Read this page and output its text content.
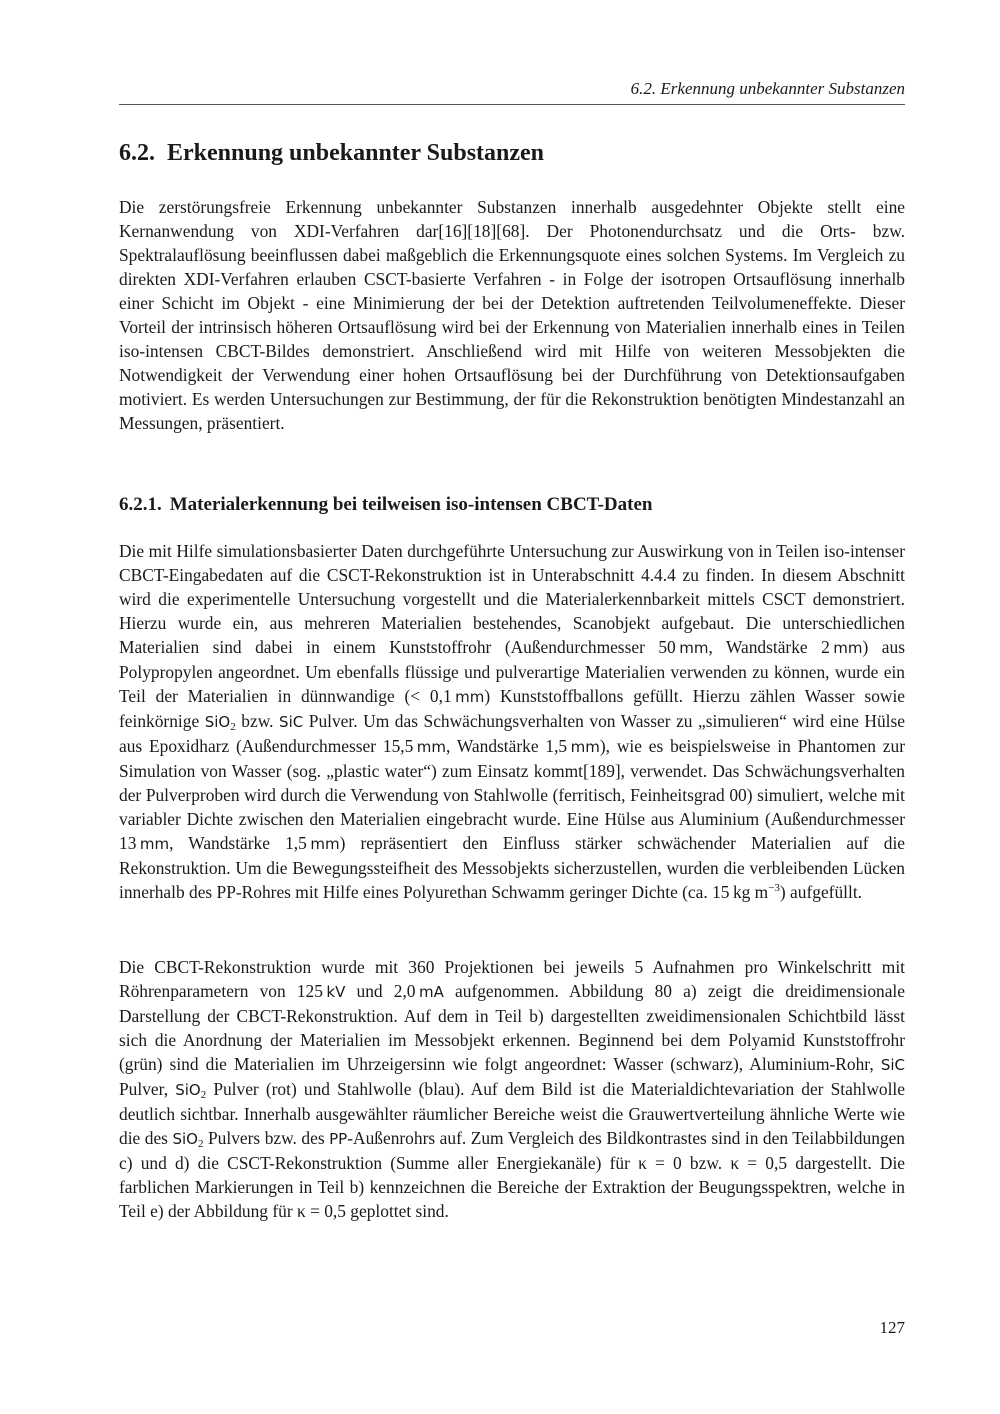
6.2. Erkennung unbekannter Substanzen
6.2. Erkennung unbekannter Substanzen

Die zerstörungsfreie Erkennung unbekannter Substanzen innerhalb ausgedehnter Objekte stellt eine Kernanwendung von XDI-Verfahren dar[16][18][68]. Der Photonendurchsatz und die Orts- bzw. Spektralauflösung beeinflussen dabei maßgeblich die Erkennungsquote eines solchen Systems. Im Vergleich zu direkten XDI-Verfahren erlauben CSCT-basierte Verfahren - in Folge der isotropen Ortsauflösung innerhalb einer Schicht im Objekt - eine Minimierung der bei der Detektion auftretenden Teilvolumeneffekte. Dieser Vorteil der intrinsisch höheren Ortsauflösung wird bei der Erkennung von Materialien innerhalb eines in Teilen iso-intensen CBCT-Bildes demonstriert. Anschließend wird mit Hilfe von weiteren Messobjekten die Notwendigkeit der Verwendung einer hohen Ortsauflösung bei der Durchführung von Detektionsaufgaben motiviert. Es werden Untersuchungen zur Bestimmung, der für die Rekonstruktion benötigten Mindestanzahl an Messungen, präsentiert.

6.2.1. Materialerkennung bei teilweisen iso-intensen CBCT-Daten

Die mit Hilfe simulationsbasierter Daten durchgeführte Untersuchung zur Auswirkung von in Teilen iso-intenser CBCT-Eingabedaten auf die CSCT-Rekonstruktion ist in Unterabschnitt 4.4.4 zu finden. In diesem Abschnitt wird die experimentelle Untersuchung vorgestellt und die Materialerkennbarkeit mittels CSCT demonstriert. Hierzu wurde ein, aus mehreren Materialien bestehendes, Scanobjekt aufgebaut. Die unterschiedlichen Materialien sind dabei in einem Kunststoffrohr (Außendurchmesser 50 mm, Wandstärke 2 mm) aus Polypropylen angeordnet. Um ebenfalls flüssige und pulverartige Materialien verwenden zu können, wurde ein Teil der Materialien in dünnwandige (< 0,1 mm) Kunststoffballons gefüllt. Hierzu zählen Wasser sowie feinkörnige SiO$_2$ bzw. SiC Pulver. Um das Schwächungsverhalten von Wasser zu „simulieren“ wird eine Hülse aus Epoxidharz (Außendurchmesser 15,5 mm, Wandstärke 1,5 mm), wie es beispielsweise in Phantomen zur Simulation von Wasser (sog. „plastic water“) zum Einsatz kommt[189], verwendet. Das Schwächungsverhalten der Pulverproben wird durch die Verwendung von Stahlwolle (ferritisch, Feinheitsgrad 00) simuliert, welche mit variabler Dichte zwischen den Materialien eingebracht wurde. Eine Hülse aus Aluminium (Außendurchmesser 13 mm, Wandstärke 1,5 mm) repräsentiert den Einfluss stärker schwächender Materialien auf die Rekonstruktion. Um die Bewegungssteifheit des Messobjekts sicherzustellen, wurden die verbleibenden Lücken innerhalb des PP-Rohres mit Hilfe eines Polyurethan Schwamm geringer Dichte (ca. 15 kg $m^{-3}$) aufgefüllt.

Die CBCT-Rekonstruktion wurde mit 360 Projektionen bei jeweils 5 Aufnahmen pro Winkelschritt mit Röhrenparametern von 125 kV und 2,0 mA aufgenommen. Abbildung 80 a) zeigt die dreidimensionale Darstellung der CBCT-Rekonstruktion. Auf dem in Teil b) dargestellten zweidimensionalen Schichtbild lässt sich die Anordnung der Materialien im Messobjekt erkennen. Beginnend bei dem Polyamid Kunststoffrohr (grün) sind die Materialien im Uhrzeigersinn wie folgt angeordnet: Wasser (schwarz), Aluminium-Rohr, SiC Pulver, SiO$_2$ Pulver (rot) und Stahlwolle (blau). Auf dem Bild ist die Materialdichtevariation der Stahlwolle deutlich sichtbar. Innerhalb ausgewählter räumlicher Bereiche weist die Grauwertverteilung ähnliche Werte wie die des SiO$_2$ Pulvers bzw. des PP-Außenrohrs auf. Zum Vergleich des Bildkontrastes sind in den Teilabbildungen c) und d) die CSCT-Rekonstruktion (Summe aller Energiekanäle) für κ = 0 bzw. κ = 0,5 dargestellt. Die farblichen Markierungen in Teil b) kennzeichnen die Bereiche der Extraktion der Beugungsspektren, welche in Teil e) der Abbildung für κ = 0,5 geplottet sind.

127
